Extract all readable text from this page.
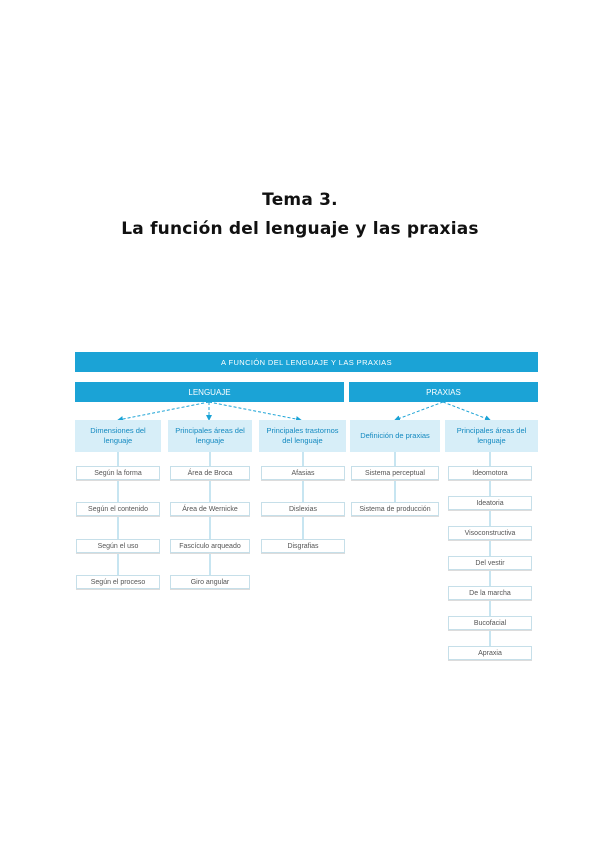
Tema 3.
La función del lenguaje y las praxias
A FUNCIÓN DEL LENGUAJE Y LAS PRAXIAS
LENGUAJE	PRAXIAS
Dimensiones del lenguaje
Principales áreas del lenguaje
Principales trastornos del lenguaje
Definición de praxias
Principales áreas del lenguaje
Según la forma
Según el contenido
Según el uso
Según el proceso
Área de Broca
Área de Wernicke
Fascículo arqueado
Giro angular
Afasias
Dislexias
Disgrafias
Sistema perceptual
Sistema de producción
Ideomotora
Ideatoria
Visoconstructiva
Del vestir
De la marcha
Bucofacial
Apraxia
